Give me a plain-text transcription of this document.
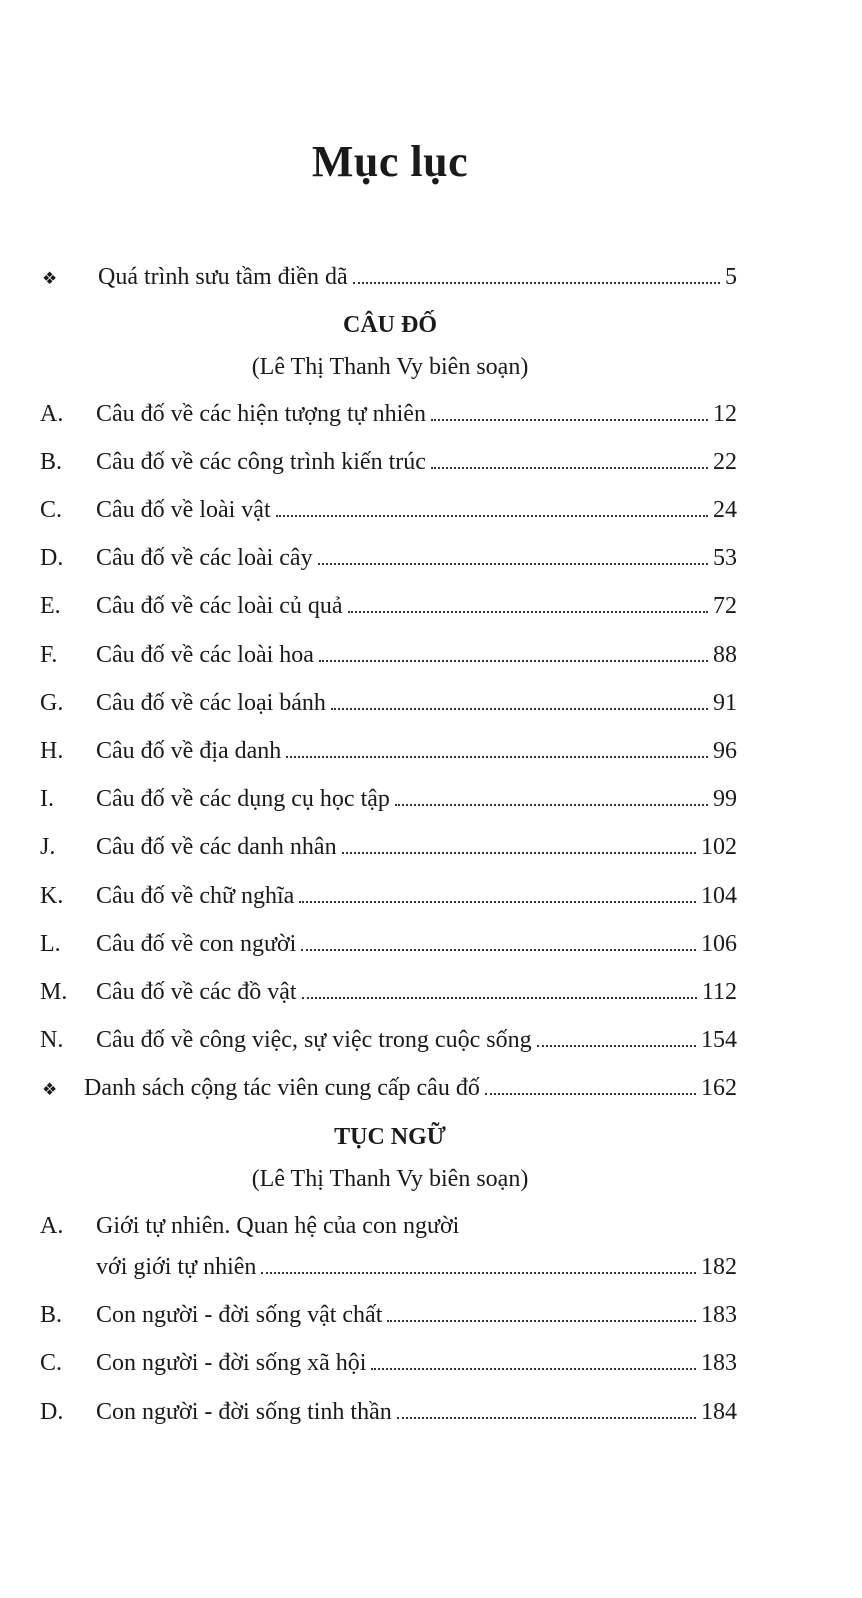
Mục lục
❖	Quá trình sưu tầm điền dã	5
CÂU ĐỐ
(Lê Thị Thanh Vy biên soạn)
A.	Câu đố về các hiện tượng tự nhiên	12
B.	Câu đố về các công trình kiến trúc	22
C.	Câu đố về loài vật	24
D.	Câu đố về các loài cây	53
E.	Câu đố về các loài củ quả	72
F.	Câu đố về các loài hoa	88
G.	Câu đố về các loại bánh	91
H.	Câu đố về địa danh	96
I.	Câu đố về các dụng cụ học tập	99
J.	Câu đố về các danh nhân	102
K.	Câu đố về chữ nghĩa	104
L.	Câu đố về con người	106
M.	Câu đố về các đồ vật	112
N.	Câu đố về công việc, sự việc trong cuộc sống	154
❖	Danh sách cộng tác viên cung cấp câu đố	162
TỤC NGỮ
(Lê Thị Thanh Vy biên soạn)
A. Giới tự nhiên. Quan hệ của con người
với giới tự nhiên	182
B.	Con người - đời sống vật chất	183
C.	Con người - đời sống xã hội	183
D.	Con người - đời sống tinh thần	184
